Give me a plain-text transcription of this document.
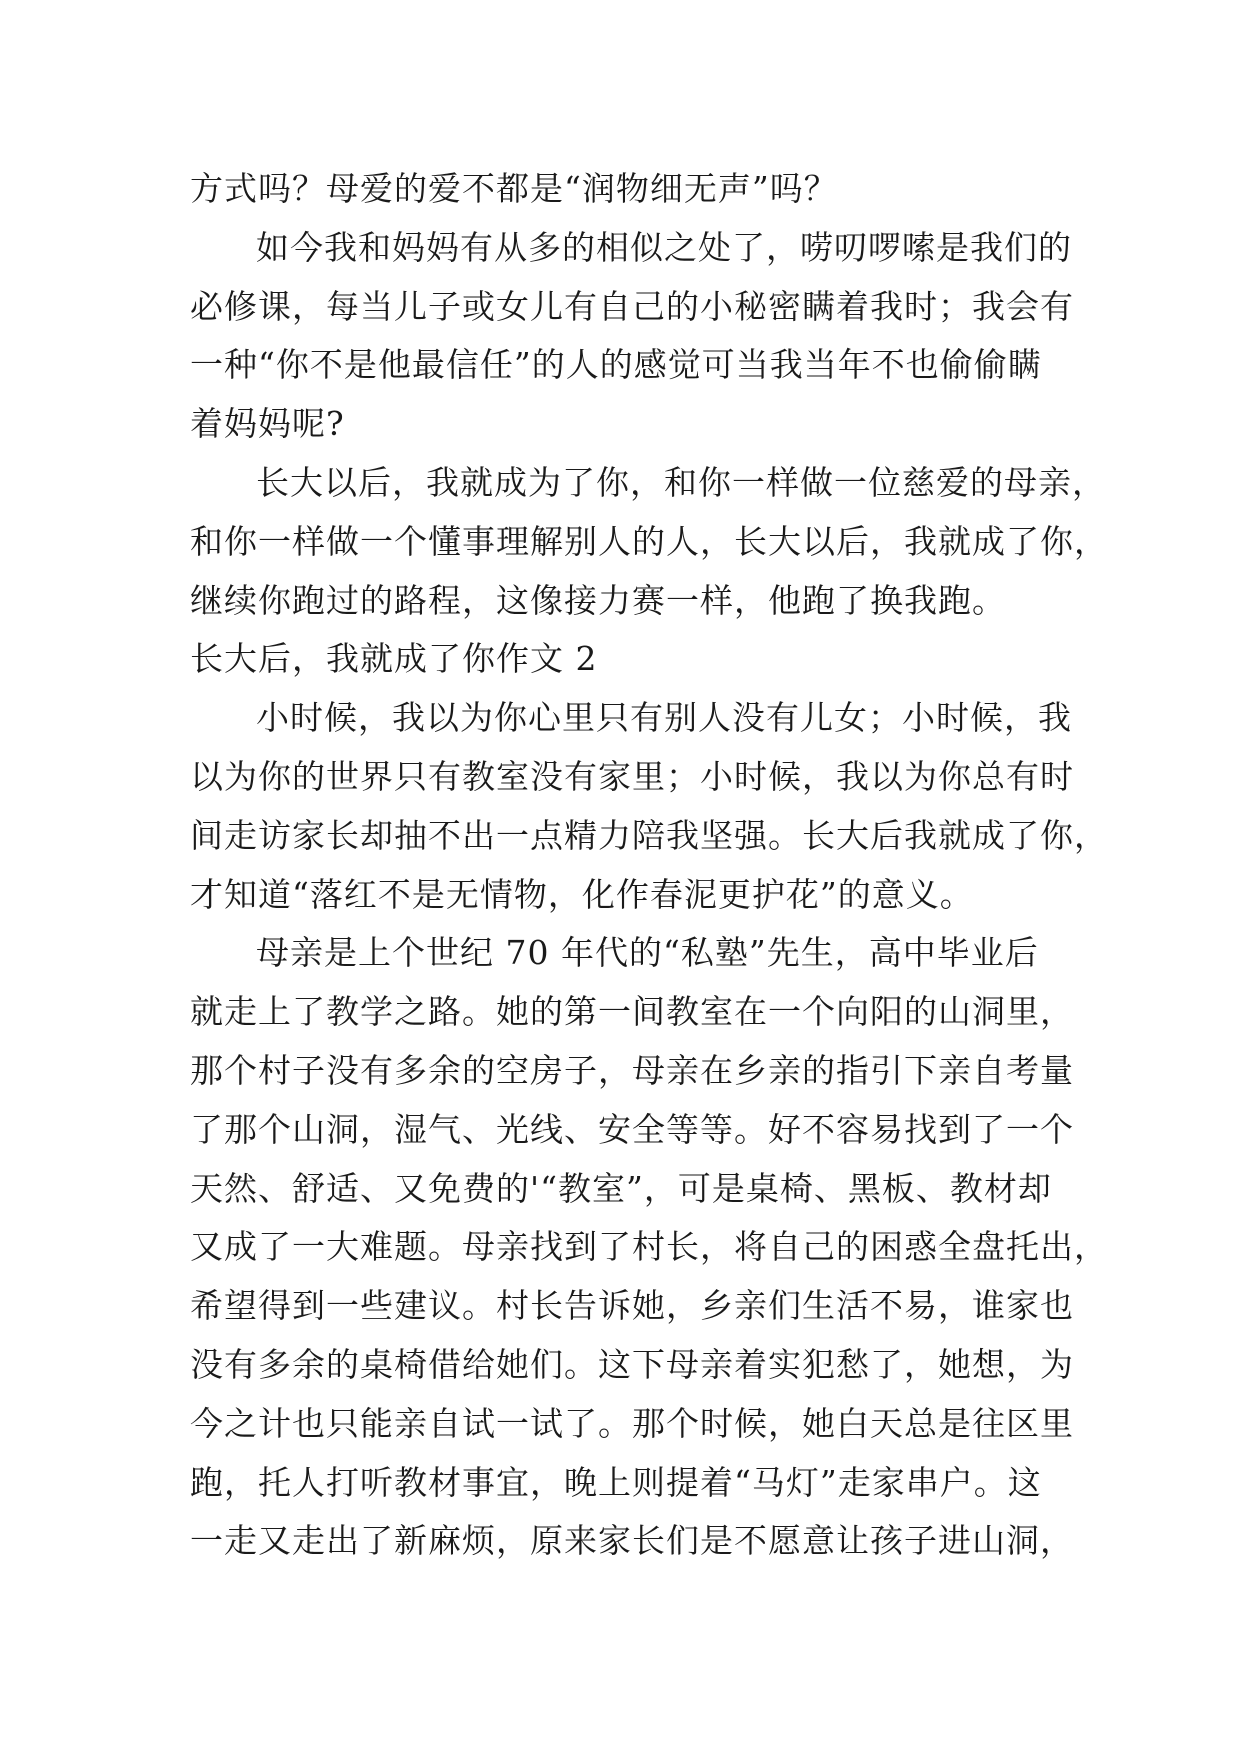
方式吗？母爱的爱不都是“润物细无声”吗？
如今我和妈妈有从多的相似之处了，唠叨啰嗦是我们的
必修课，每当儿子或女儿有自己的小秘密瞒着我时；我会有
一种“你不是他最信任”的人的感觉可当我当年不也偷偷瞒
着妈妈呢?
长大以后，我就成为了你，和你一样做一位慈爱的母亲，
和你一样做一个懂事理解别人的人，长大以后，我就成了你，
继续你跑过的路程，这像接力赛一样，他跑了换我跑。
长大后，我就成了你作文 2
小时候，我以为你心里只有别人没有儿女；小时候，我
以为你的世界只有教室没有家里；小时候，我以为你总有时
间走访家长却抽不出一点精力陪我坚强。长大后我就成了你，
才知道“落红不是无情物，化作春泥更护花”的意义。
母亲是上个世纪 70 年代的“私塾”先生，高中毕业后
就走上了教学之路。她的第一间教室在一个向阳的山洞里，
那个村子没有多余的空房子，母亲在乡亲的指引下亲自考量
了那个山洞，湿气、光线、安全等等。好不容易找到了一个
天然、舒适、又免费的'“教室”，可是桌椅、黑板、教材却
又成了一大难题。母亲找到了村长，将自己的困惑全盘托出，
希望得到一些建议。村长告诉她，乡亲们生活不易，谁家也
没有多余的桌椅借给她们。这下母亲着实犯愁了，她想，为
今之计也只能亲自试一试了。那个时候，她白天总是往区里
跑，托人打听教材事宜，晚上则提着“马灯”走家串户。这
一走又走出了新麻烦，原来家长们是不愿意让孩子进山洞，
